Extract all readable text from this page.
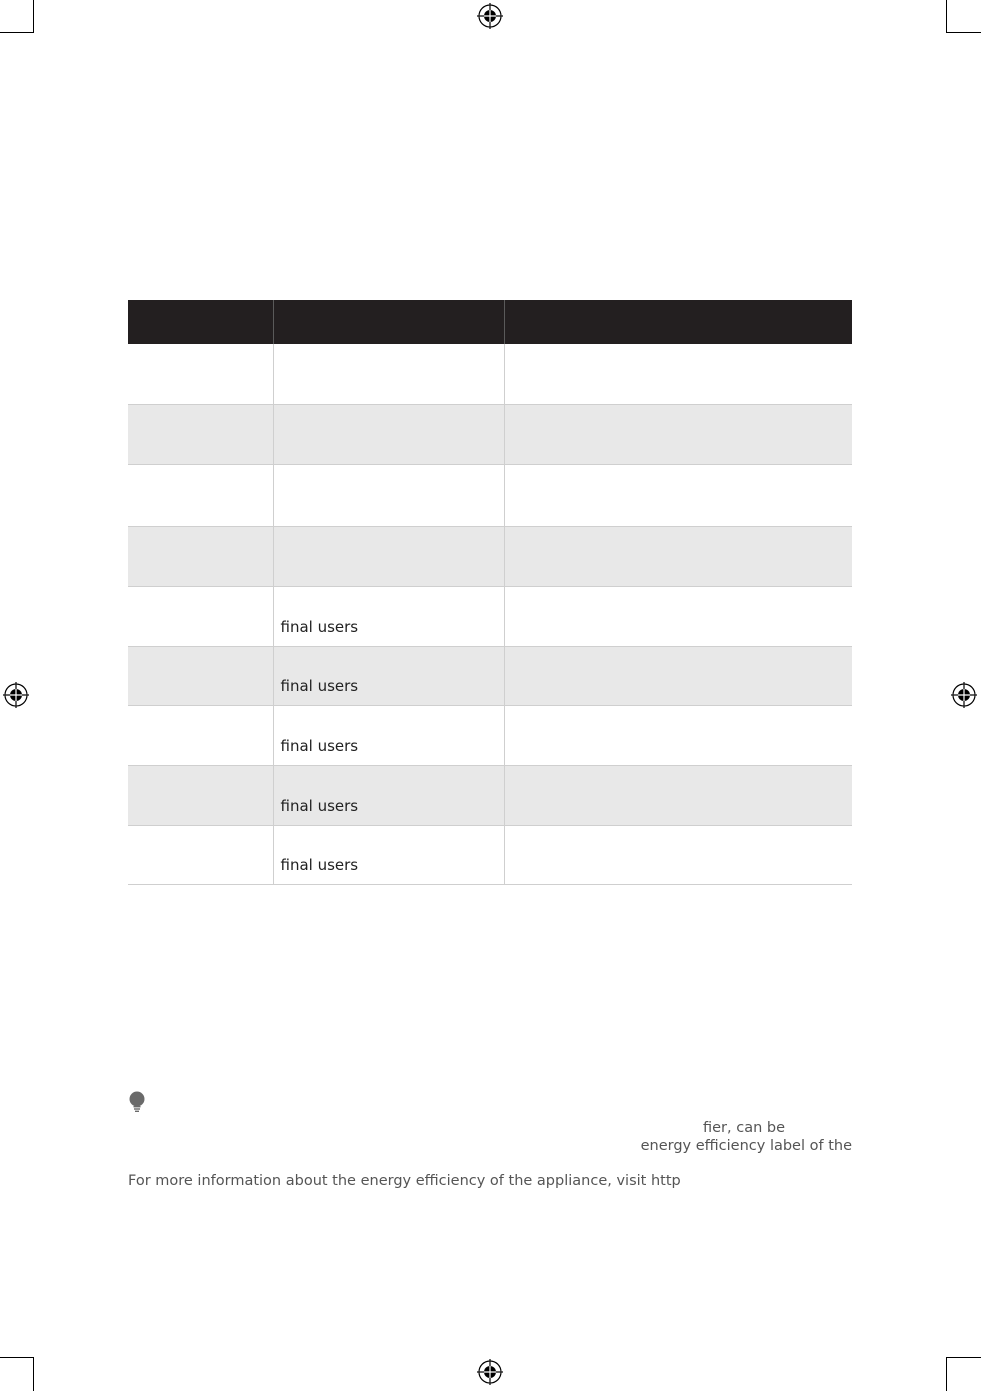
	final users	
	final users	
	final users	
	final users	
	final users	
fier, can be
energy efficiency label of the
For more information about the energy efficiency of the appliance, visit http
